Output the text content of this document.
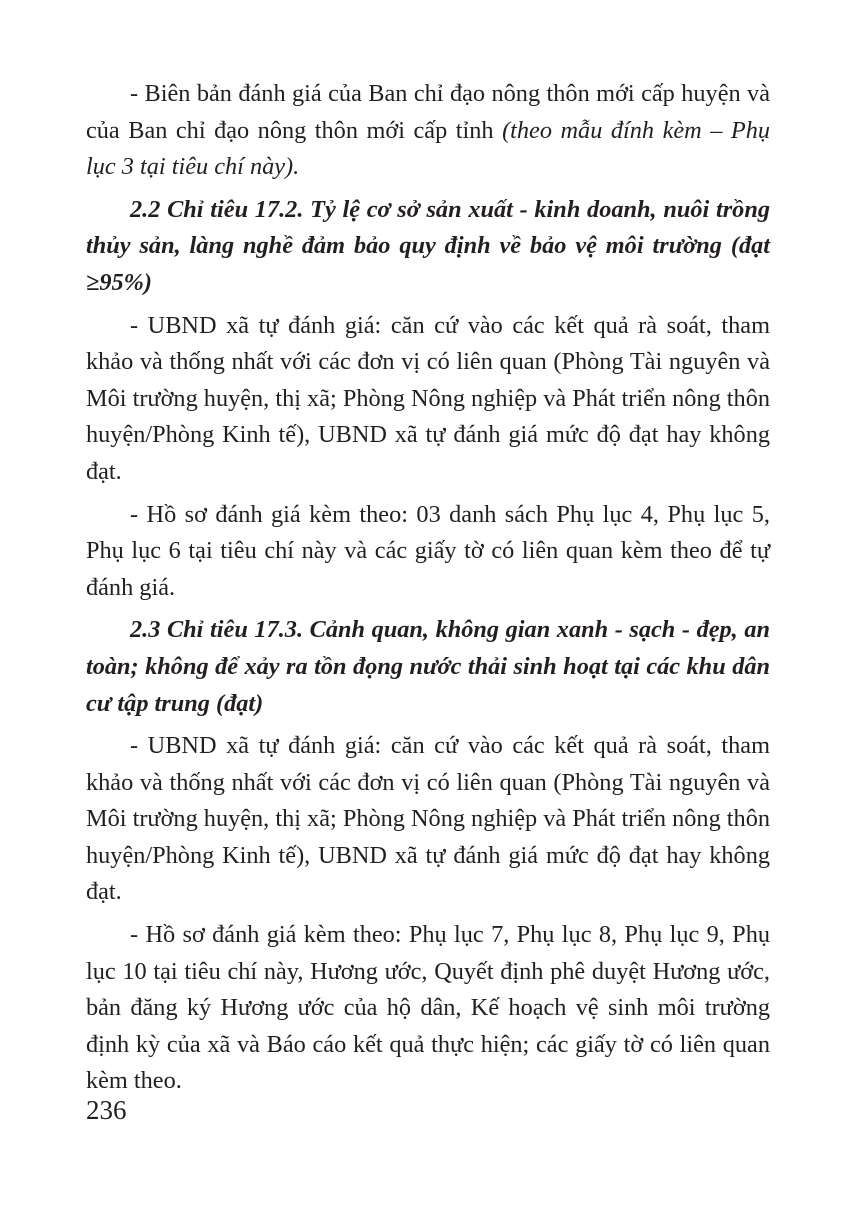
- Biên bản đánh giá của Ban chỉ đạo nông thôn mới cấp huyện và của Ban chỉ đạo nông thôn mới cấp tỉnh (theo mẫu đính kèm – Phụ lục 3 tại tiêu chí này).

2.2 Chỉ tiêu 17.2. Tỷ lệ cơ sở sản xuất - kinh doanh, nuôi trồng thủy sản, làng nghề đảm bảo quy định về bảo vệ môi trường (đạt ≥95%)

- UBND xã tự đánh giá: căn cứ vào các kết quả rà soát, tham khảo và thống nhất với các đơn vị có liên quan (Phòng Tài nguyên và Môi trường huyện, thị xã; Phòng Nông nghiệp và Phát triển nông thôn huyện/Phòng Kinh tế), UBND xã tự đánh giá mức độ đạt hay không đạt.

- Hồ sơ đánh giá kèm theo: 03 danh sách Phụ lục 4, Phụ lục 5, Phụ lục 6 tại tiêu chí này và các giấy tờ có liên quan kèm theo để tự đánh giá.

2.3 Chỉ tiêu 17.3. Cảnh quan, không gian xanh - sạch - đẹp, an toàn; không để xảy ra tồn đọng nước thải sinh hoạt tại các khu dân cư tập trung (đạt)

- UBND xã tự đánh giá: căn cứ vào các kết quả rà soát, tham khảo và thống nhất với các đơn vị có liên quan (Phòng Tài nguyên và Môi trường huyện, thị xã; Phòng Nông nghiệp và Phát triển nông thôn huyện/Phòng Kinh tế), UBND xã tự đánh giá mức độ đạt hay không đạt.

- Hồ sơ đánh giá kèm theo: Phụ lục 7, Phụ lục 8, Phụ lục 9, Phụ lục 10 tại tiêu chí này, Hương ước, Quyết định phê duyệt Hương ước, bản đăng ký Hương ước của hộ dân, Kế hoạch vệ sinh môi trường định kỳ của xã và Báo cáo kết quả thực hiện; các giấy tờ có liên quan kèm theo.

236
